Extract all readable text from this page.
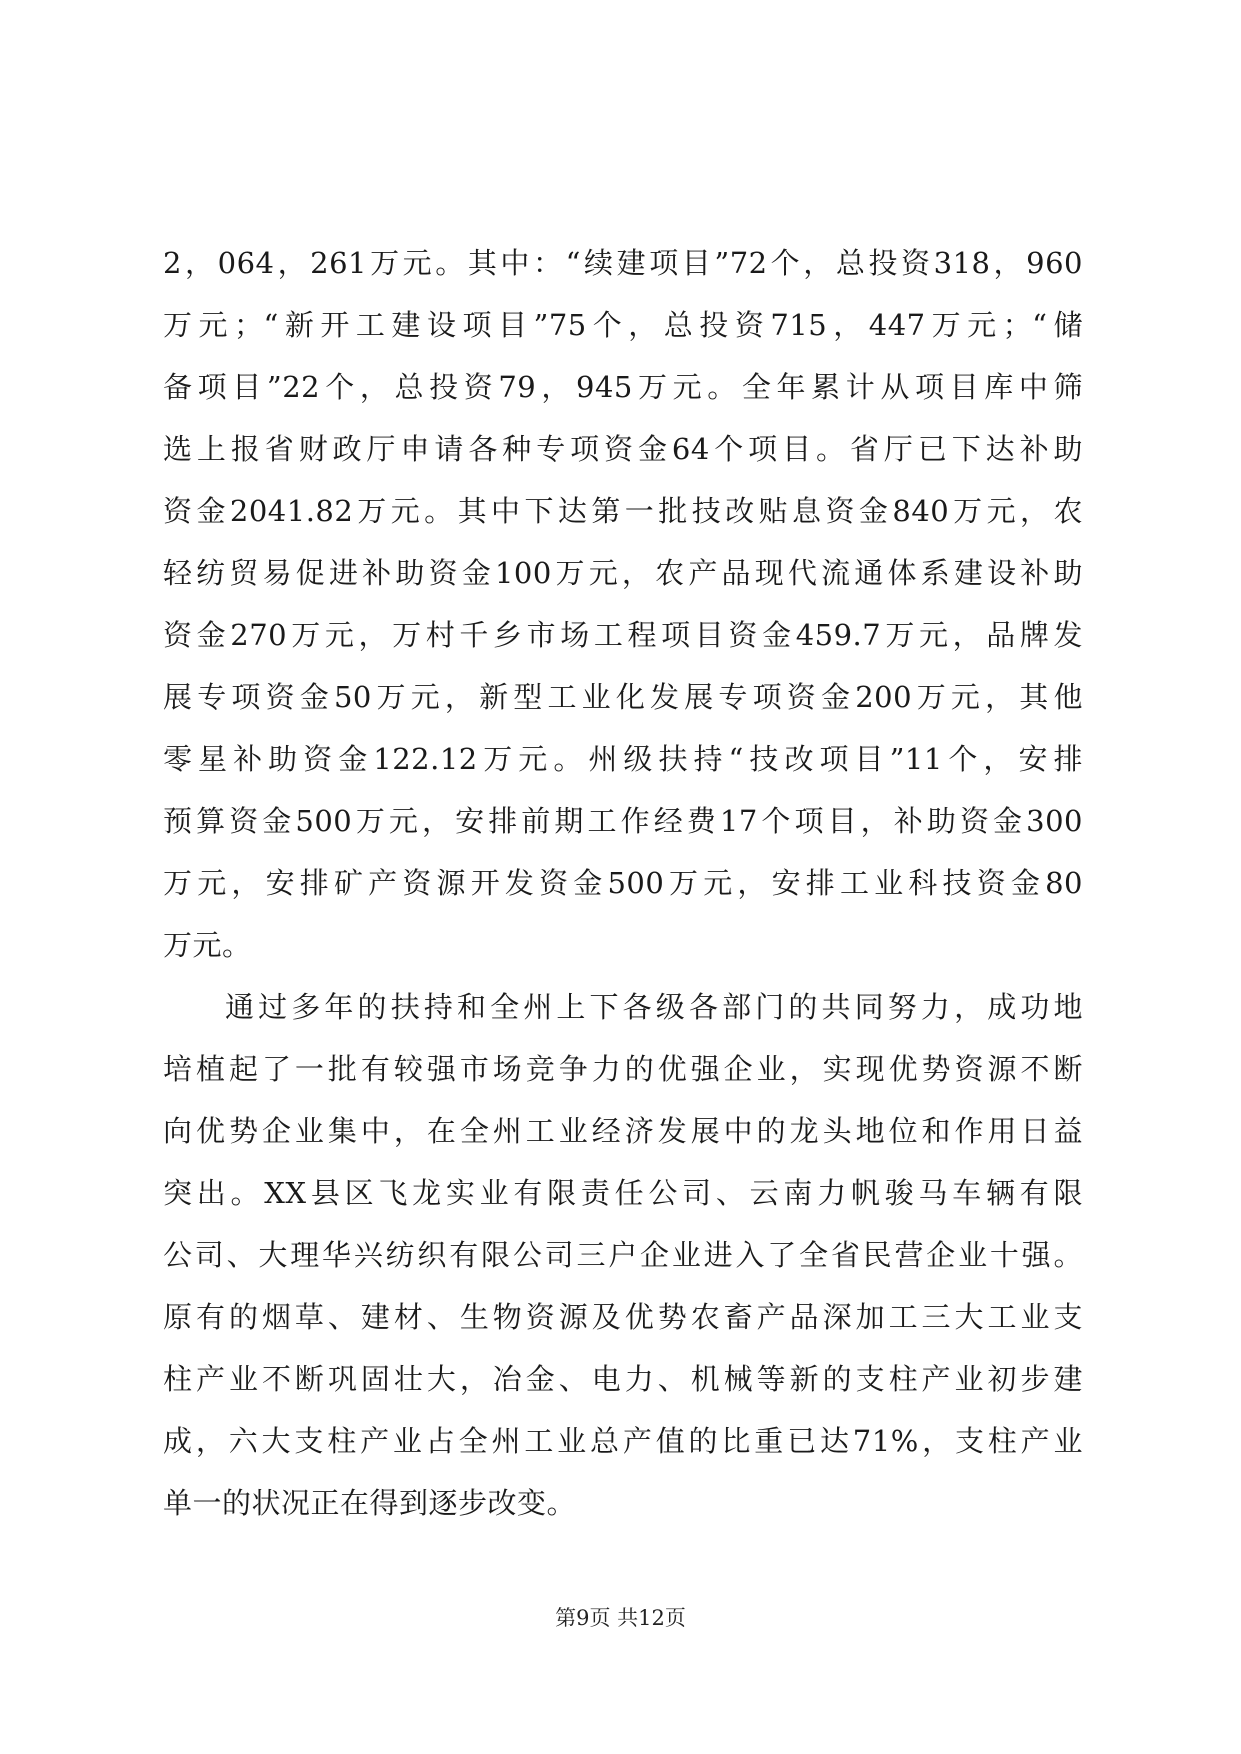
2，064，261万元。其中：“续建项目”72个，总投资318，960
万元；“新开工建设项目”75个，总投资715，447万元；“储
备项目”22个，总投资79，945万元。全年累计从项目库中筛
选上报省财政厅申请各种专项资金64个项目。省厅已下达补助
资金2041.82万元。其中下达第一批技改贴息资金840万元，农
轻纺贸易促进补助资金100万元，农产品现代流通体系建设补助
资金270万元，万村千乡市场工程项目资金459.7万元，品牌发
展专项资金50万元，新型工业化发展专项资金200万元，其他
零星补助资金122.12万元。州级扶持“技改项目”11个，安排
预算资金500万元，安排前期工作经费17个项目，补助资金300
万元，安排矿产资源开发资金500万元，安排工业科技资金80
万元。
通过多年的扶持和全州上下各级各部门的共同努力，成功地
培植起了一批有较强市场竞争力的优强企业，实现优势资源不断
向优势企业集中，在全州工业经济发展中的龙头地位和作用日益
突出。XX县区飞龙实业有限责任公司、云南力帆骏马车辆有限
公司、大理华兴纺织有限公司三户企业进入了全省民营企业十强。
原有的烟草、建材、生物资源及优势农畜产品深加工三大工业支
柱产业不断巩固壮大，冶金、电力、机械等新的支柱产业初步建
成，六大支柱产业占全州工业总产值的比重已达71%，支柱产业
单一的状况正在得到逐步改变。
第9页 共12页
